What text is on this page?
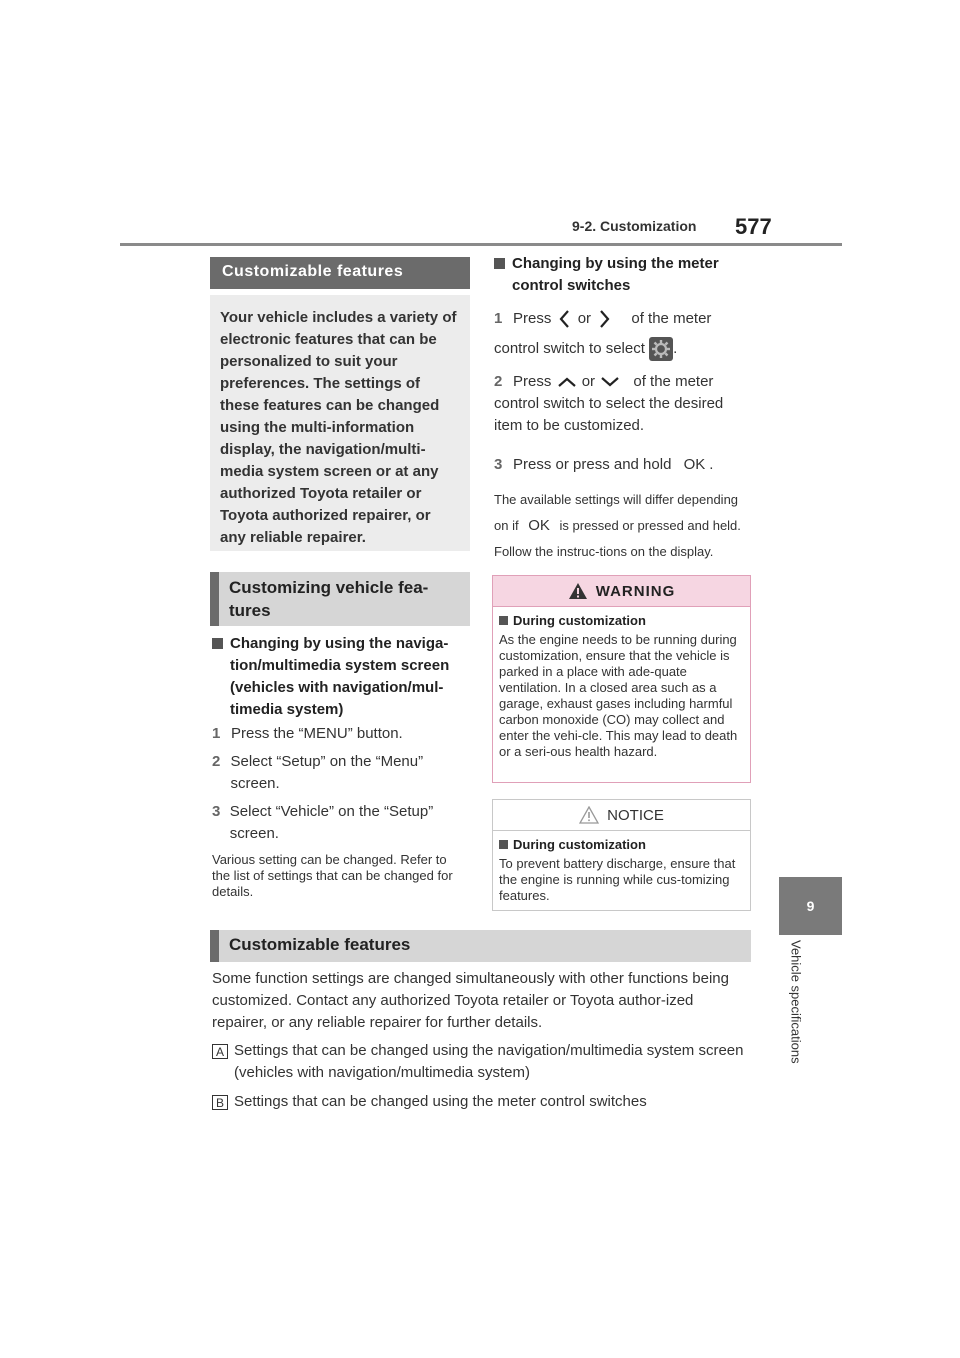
9-2. Customization 577
9
Vehicle specifications
Customizable features
Your vehicle includes a variety of electronic features that can be personalized to suit your preferences. The settings of these features can be changed using the multi-information display, the navigation/multi-media system screen or at any authorized Toyota retailer or Toyota authorized repairer, or any reliable repairer.
Customizing vehicle fea-tures
Changing by using the naviga-tion/multimedia system screen (vehicles with navigation/mul-timedia system)
1 Press the “MENU” button.
2 Select “Setup” on the “Menu” screen.
3 Select “Vehicle” on the “Setup” screen.
Various setting can be changed. Refer to the list of settings that can be changed for details.
Changing by using the meter control switches
1 Press or	of the meter control switch to select .
2 Press or	of the meter control switch to select the desired item to be customized.
3 Press or press and hold OK .
The available settings will differ depending on if OK is pressed or pressed and held. Follow the instruc-tions on the display.
WARNING
During customization
As the engine needs to be running during customization, ensure that the vehicle is parked in a place with ade-quate ventilation. In a closed area such as a garage, exhaust gases including harmful carbon monoxide (CO) may collect and enter the vehi-cle. This may lead to death or a seri-ous health hazard.
NOTICE
During customization
To prevent battery discharge, ensure that the engine is running while cus-tomizing features.
Customizable features
Some function settings are changed simultaneously with other functions being customized. Contact any authorized Toyota retailer or Toyota author-ized repairer, or any reliable repairer for further details.
A Settings that can be changed using the navigation/multimedia system screen (vehicles with navigation/multimedia system)
B Settings that can be changed using the meter control switches
